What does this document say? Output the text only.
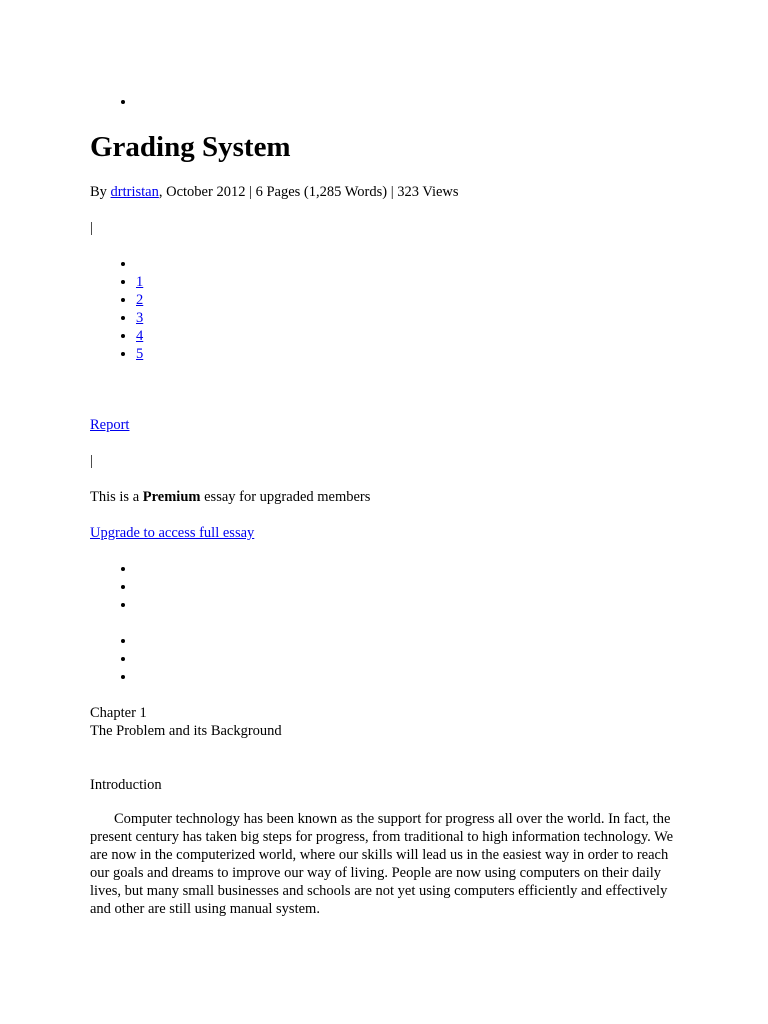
Grading System
By drtristan, October 2012 | 6 Pages (1,285 Words) | 323 Views
|
•
• 1
• 2
• 3
• 4
• 5
Report
|
This is a Premium essay for upgraded members
Upgrade to access full essay
Chapter 1
The Problem and its Background
Introduction
Computer technology has been known as the support for progress all over the world. In fact, the present century has taken big steps for progress, from traditional to high information technology. We are now in the computerized world, where our skills will lead us in the easiest way in order to reach our goals and dreams to improve our way of living. People are now using computers on their daily lives, but many small businesses and schools are not yet using computers efficiently and effectively and other are still using manual system.
